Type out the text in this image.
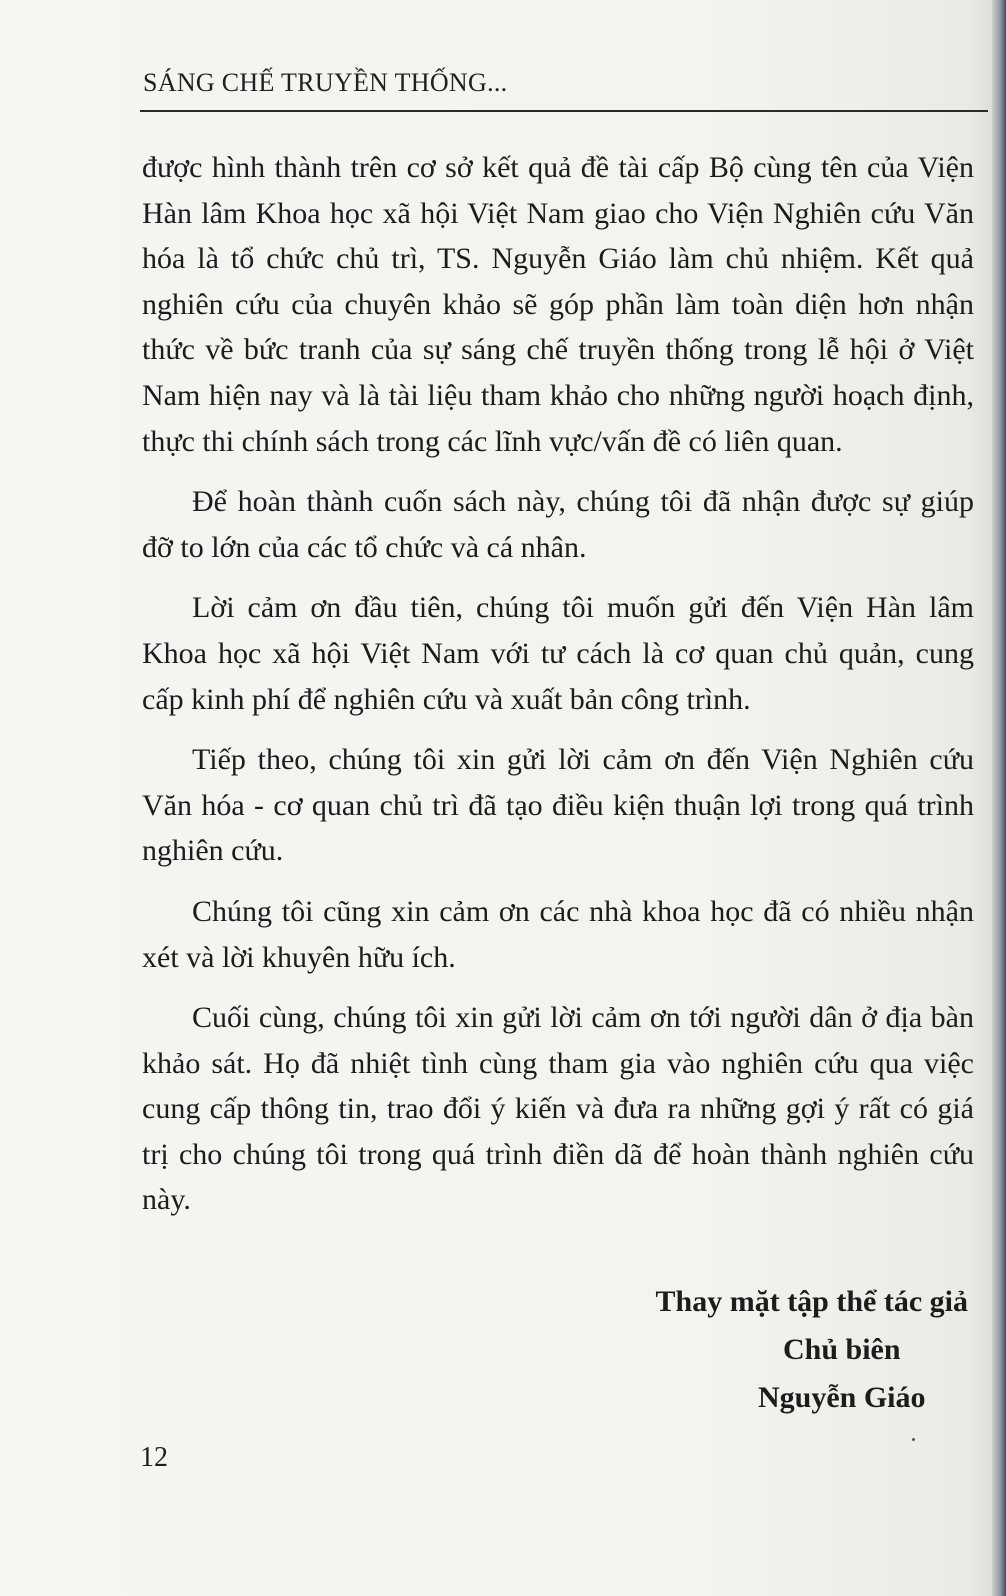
SÁNG CHẾ TRUYỀN THỐNG...

được hình thành trên cơ sở kết quả đề tài cấp Bộ cùng tên của Viện Hàn lâm Khoa học xã hội Việt Nam giao cho Viện Nghiên cứu Văn hóa là tổ chức chủ trì, TS. Nguyễn Giáo làm chủ nhiệm. Kết quả nghiên cứu của chuyên khảo sẽ góp phần làm toàn diện hơn nhận thức về bức tranh của sự sáng chế truyền thống trong lễ hội ở Việt Nam hiện nay và là tài liệu tham khảo cho những người hoạch định, thực thi chính sách trong các lĩnh vực/vấn đề có liên quan.

Để hoàn thành cuốn sách này, chúng tôi đã nhận được sự giúp đỡ to lớn của các tổ chức và cá nhân.

Lời cảm ơn đầu tiên, chúng tôi muốn gửi đến Viện Hàn lâm Khoa học xã hội Việt Nam với tư cách là cơ quan chủ quản, cung cấp kinh phí để nghiên cứu và xuất bản công trình.

Tiếp theo, chúng tôi xin gửi lời cảm ơn đến Viện Nghiên cứu Văn hóa - cơ quan chủ trì đã tạo điều kiện thuận lợi trong quá trình nghiên cứu.

Chúng tôi cũng xin cảm ơn các nhà khoa học đã có nhiều nhận xét và lời khuyên hữu ích.

Cuối cùng, chúng tôi xin gửi lời cảm ơn tới người dân ở địa bàn khảo sát. Họ đã nhiệt tình cùng tham gia vào nghiên cứu qua việc cung cấp thông tin, trao đổi ý kiến và đưa ra những gợi ý rất có giá trị cho chúng tôi trong quá trình điền dã để hoàn thành nghiên cứu này.

Thay mặt tập thể tác giả
Chủ biên
Nguyễn Giáo
12
